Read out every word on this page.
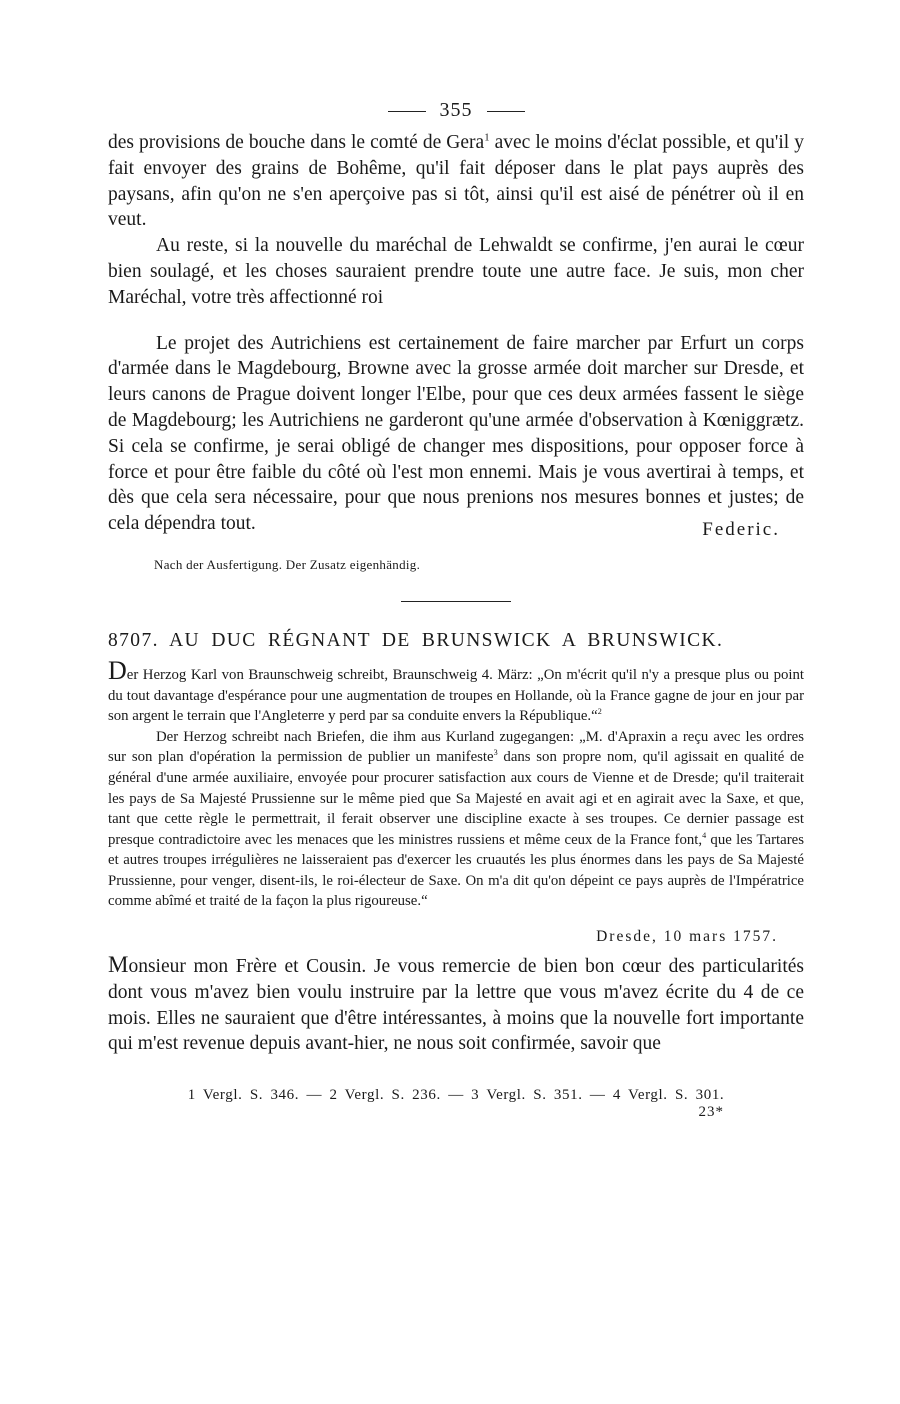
355

des provisions de bouche dans le comté de Gera$^1$ avec le moins d'éclat possible, et qu'il y fait envoyer des grains de Bohême, qu'il fait déposer dans le plat pays auprès des paysans, afin qu'on ne s'en aperçoive pas si tôt, ainsi qu'il est aisé de pénétrer où il en veut.

Au reste, si la nouvelle du maréchal de Lehwaldt se confirme, j'en aurai le cœur bien soulagé, et les choses sauraient prendre toute une autre face. Je suis, mon cher Maréchal, votre très affectionné roi

Le projet des Autrichiens est certainement de faire marcher par Erfurt un corps d'armée dans le Magdebourg, Browne avec la grosse armée doit marcher sur Dresde, et leurs canons de Prague doivent longer l'Elbe, pour que ces deux armées fassent le siège de Magdebourg; les Autrichiens ne garderont qu'une armée d'observation à Kœniggrætz. Si cela se confirme, je serai obligé de changer mes dispositions, pour opposer force à force et pour être faible du côté où l'est mon ennemi. Mais je vous avertirai à temps, et dès que cela sera nécessaire, pour que nous prenions nos mesures bonnes et justes; de cela dépendra tout.	Federic.
Nach der Ausfertigung. Der Zusatz eigenhändig.
8707. AU DUC RÉGNANT DE BRUNSWICK A BRUNSWICK.

Der Herzog Karl von Braunschweig schreibt, Braunschweig 4. März: „On m'écrit qu'il n'y a presque plus ou point du tout davantage d'espérance pour une augmentation de troupes en Hollande, où la France gagne de jour en jour par son argent le terrain que l'Angleterre y perd par sa conduite envers la République.“$^2$

Der Herzog schreibt nach Briefen, die ihm aus Kurland zugegangen: „M. d'Apraxin a reçu avec les ordres sur son plan d'opération la permission de publier un manifeste$^3$ dans son propre nom, qu'il agissait en qualité de général d'une armée auxiliaire, envoyée pour procurer satisfaction aux cours de Vienne et de Dresde; qu'il traiterait les pays de Sa Majesté Prussienne sur le même pied que Sa Majesté en avait agi et en agirait avec la Saxe, et que, tant que cette règle le permettrait, il ferait observer une discipline exacte à ses troupes. Ce dernier passage est presque contradictoire avec les menaces que les ministres russiens et même ceux de la France font,$^4$ que les Tartares et autres troupes irrégulières ne laisseraient pas d'exercer les cruautés les plus énormes dans les pays de Sa Majesté Prussienne, pour venger, disent-ils, le roi-électeur de Saxe. On m'a dit qu'on dépeint ce pays auprès de l'Impératrice comme abîmé et traité de la façon la plus rigoureuse.“

Dresde, 10 mars 1757.

Monsieur mon Frère et Cousin. Je vous remercie de bien bon cœur des particularités dont vous m'avez bien voulu instruire par la lettre que vous m'avez écrite du 4 de ce mois. Elles ne sauraient que d'être intéressantes, à moins que la nouvelle fort importante qui m'est revenue depuis avant-hier, ne nous soit confirmée, savoir que

1 Vergl. S. 346. — 2 Vergl. S. 236. — 3 Vergl. S. 351. — 4 Vergl. S. 301.
23*
